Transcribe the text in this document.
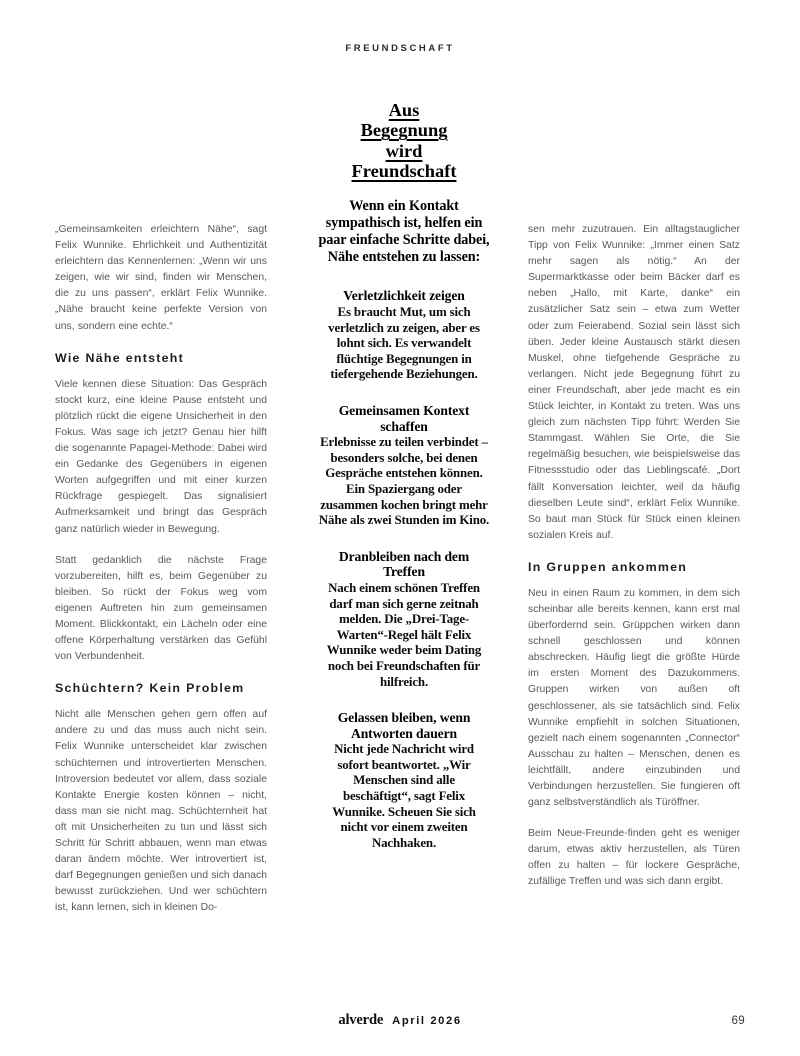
FREUNDSCHAFT

„Gemeinsamkeiten erleichtern Nähe“, sagt Felix Wunnike. Ehrlichkeit und Authentizität erleichtern das Kennenlernen: „Wenn wir uns zeigen, wie wir sind, finden wir Menschen, die zu uns passen“, erklärt Felix Wunnike. „Nähe braucht keine perfekte Version von uns, sondern eine echte.“

Wie Nähe entsteht

Viele kennen diese Situation: Das Gespräch stockt kurz, eine kleine Pause entsteht und plötzlich rückt die eigene Unsicherheit in den Fokus. Was sage ich jetzt? Genau hier hilft die sogenannte Papagei-Methode: Dabei wird ein Gedanke des Gegenübers in eigenen Worten aufgegriffen und mit einer kurzen Rückfrage gespiegelt. Das signalisiert Aufmerksamkeit und bringt das Gespräch ganz natürlich wieder in Bewegung.

Statt gedanklich die nächste Frage vorzubereiten, hilft es, beim Gegenüber zu bleiben. So rückt der Fokus weg vom eigenen Auftreten hin zum gemeinsamen Moment. Blickkontakt, ein Lächeln oder eine offene Körperhaltung verstärken das Gefühl von Verbundenheit.

Schüchtern? Kein Problem

Nicht alle Menschen gehen gern offen auf andere zu und das muss auch nicht sein. Felix Wunnike unterscheidet klar zwischen schüchternen und introvertierten Menschen. Introversion bedeutet vor allem, dass soziale Kontakte Energie kosten können – nicht, dass man sie nicht mag. Schüchternheit hat oft mit Unsicherheiten zu tun und lässt sich Schritt für Schritt abbauen, wenn man etwas daran ändern möchte. Wer introvertiert ist, darf Begegnungen genießen und sich danach bewusst zurückziehen. Und wer schüchtern ist, kann lernen, sich in kleinen Do-

Aus
Begegnung
wird
Freundschaft
Wenn ein Kontakt sympathisch ist, helfen ein paar einfache Schritte dabei, Nähe entstehen zu lassen:
Verletzlichkeit zeigen
Es braucht Mut, um sich verletzlich zu zeigen, aber es lohnt sich. Es verwandelt flüchtige Begegnungen in tiefergehende Beziehungen.
Gemeinsamen Kontext schaffen
Erlebnisse zu teilen verbindet – besonders solche, bei denen Gespräche entstehen können. Ein Spaziergang oder zusammen kochen bringt mehr Nähe als zwei Stunden im Kino.
Dranbleiben nach dem Treffen
Nach einem schönen Treffen darf man sich gerne zeitnah melden. Die „Drei-Tage-Warten“-Regel hält Felix Wunnike weder beim Dating noch bei Freundschaften für hilfreich.
Gelassen bleiben, wenn Antworten dauern
Nicht jede Nachricht wird sofort beantwortet. „Wir Menschen sind alle beschäftigt“, sagt Felix Wunnike. Scheuen Sie sich nicht vor einem zweiten Nachhaken.

sen mehr zuzutrauen. Ein alltagstauglicher Tipp von Felix Wunnike: „Immer einen Satz mehr sagen als nötig.“ An der Supermarktkasse oder beim Bäcker darf es neben „Hallo, mit Karte, danke“ ein zusätzlicher Satz sein – etwa zum Wetter oder zum Feierabend. Sozial sein lässt sich üben. Jeder kleine Austausch stärkt diesen Muskel, ohne tiefgehende Gespräche zu verlangen. Nicht jede Begegnung führt zu einer Freundschaft, aber jede macht es ein Stück leichter, in Kontakt zu treten. Was uns gleich zum nächsten Tipp führt: Werden Sie Stammgast. Wählen Sie Orte, die Sie regelmäßig besuchen, wie beispielsweise das Fitnessstudio oder das Lieblingscafé. „Dort fällt Konversation leichter, weil da häufig dieselben Leute sind“, erklärt Felix Wunnike. So baut man Stück für Stück einen kleinen sozialen Kreis auf.

In Gruppen ankommen

Neu in einen Raum zu kommen, in dem sich scheinbar alle bereits kennen, kann erst mal überfordernd sein. Grüppchen wirken dann schnell geschlossen und können abschrecken. Häufig liegt die größte Hürde im ersten Moment des Dazukommens. Gruppen wirken von außen oft geschlossener, als sie tatsächlich sind. Felix Wunnike empfiehlt in solchen Situationen, gezielt nach einem sogenannten „Connector“ Ausschau zu halten – Menschen, denen es leichtfällt, andere einzubinden und Verbindungen herzustellen. Sie fungieren oft ganz selbstverständlich als Türöffner.

Beim Neue-Freunde-finden geht es weniger darum, etwas aktiv herzustellen, als Türen offen zu halten – für lockere Gespräche, zufällige Treffen und was sich dann ergibt.

alverde April 2026	69
